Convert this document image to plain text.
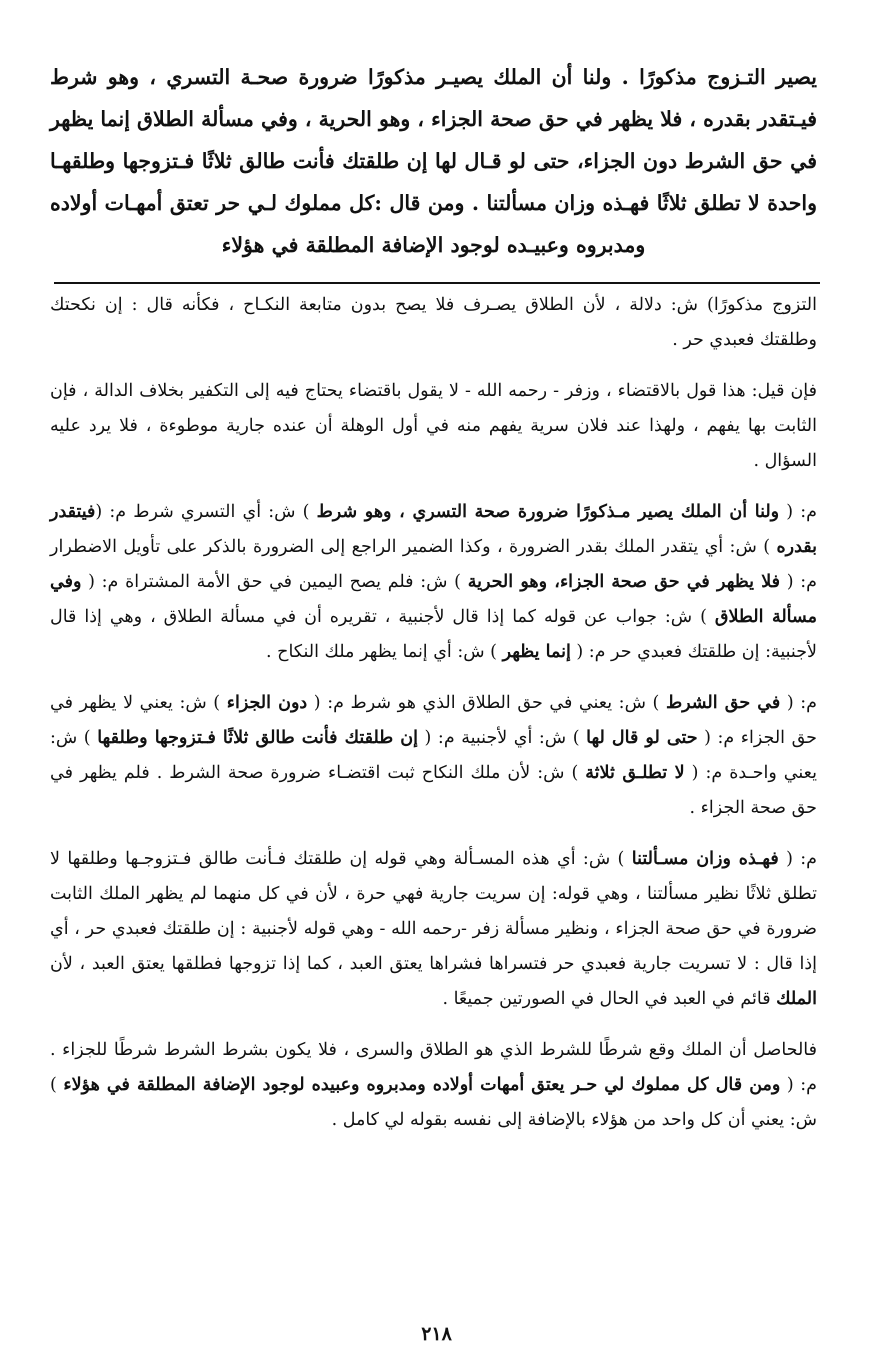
يصير التـزوج مذكورًا . ولنا أن الملك يصيـر مذكورًا ضرورة صحـة التسري ، وهو شرط فيـتقدر بقدره ، فلا يظهر في حق صحة الجزاء ، وهو الحرية ، وفي مسألة الطلاق إنما يظهر في حق الشرط دون الجزاء، حتى لو قـال لها إن طلقتك فأنت طالق ثلاثًا فـتزوجها وطلقهـا واحدة لا تطلق ثلاثًا فهـذه وزان مسألتنا . ومن قال :كل مملوك لـي حر تعتق أمهـات أولاده ومدبروه وعبيـده لوجود الإضافة المطلقة في هؤلاء

التزوج مذكورًا) ش: دلالة ، لأن الطلاق يصـرف فلا يصح بدون متابعة النكـاح ، فكأنه قال : إن نكحتك وطلقتك فعبدي حر .

فإن قيل: هذا قول بالاقتضاء ، وزفر - رحمه الله - لا يقول باقتضاء يحتاج فيه إلى التكفير بخلاف الدالة ، فإن الثابت بها يفهم ، ولهذا عند فلان سرية يفهم منه في أول الوهلة أن عنده جارية موطوءة ، فلا يرد عليه السؤال .

م: ( ولنا أن الملك يصير مـذكورًا ضرورة صحة التسري ، وهو شرط ) ش: أي التسري شرط م: (فيتقدر بقدره ) ش: أي يتقدر الملك بقدر الضرورة ، وكذا الضمير الراجع إلى الضرورة بالذكر على تأويل الاضطرار م: ( فلا يظهر في حق صحة الجزاء، وهو الحرية ) ش: فلم يصح اليمين في حق الأمة المشتراة م: ( وفي مسألة الطلاق ) ش: جواب عن قوله كما إذا قال لأجنبية ، تقريره أن في مسألة الطلاق ، وهي إذا قال لأجنبية: إن طلقتك فعبدي حر م: ( إنما يظهر ) ش: أي إنما يظهر ملك النكاح .

م: ( في حق الشرط ) ش: يعني في حق الطلاق الذي هو شرط م: ( دون الجزاء ) ش: يعني لا يظهر في حق الجزاء م: ( حتى لو قال لها ) ش: أي لأجنبية م: ( إن طلقتك فأنت طالق ثلاثًا فـتزوجها وطلقها ) ش: يعني واحـدة م: ( لا تطلـق ثلاثة ) ش: لأن ملك النكاح ثبت اقتضـاء ضرورة صحة الشرط . فلم يظهر في حق صحة الجزاء .

م: ( فهـذه وزان مسـألتنا ) ش: أي هذه المسـألة وهي قوله إن طلقتك فـأنت طالق فـتزوجـها وطلقها لا تطلق ثلاثًا نظير مسألتنا ، وهي قوله: إن سريت جارية فهي حرة ، لأن في كل منهما لم يظهر الملك الثابت ضرورة في حق صحة الجزاء ، ونظير مسألة زفر -رحمه الله - وهي قوله لأجنبية : إن طلقتك فعبدي حر ، أي إذا قال : لا تسريت جارية فعبدي حر فتسراها فشراها يعتق العبد ، كما إذا تزوجها فطلقها يعتق العبد ، لأن الملك قائم في العبد في الحال في الصورتين جميعًا .

فالحاصل أن الملك وقع شرطًا للشرط الذي هو الطلاق والسرى ، فلا يكون بشرط الشرط شرطًا للجزاء . م: ( ومن قال كل مملوك لي حـر يعتق أمهات أولاده ومدبروه وعبيده لوجود الإضافة المطلقة في هؤلاء ) ش: يعني أن كل واحد من هؤلاء بالإضافة إلى نفسه بقوله لي كامل .

٢١٨
